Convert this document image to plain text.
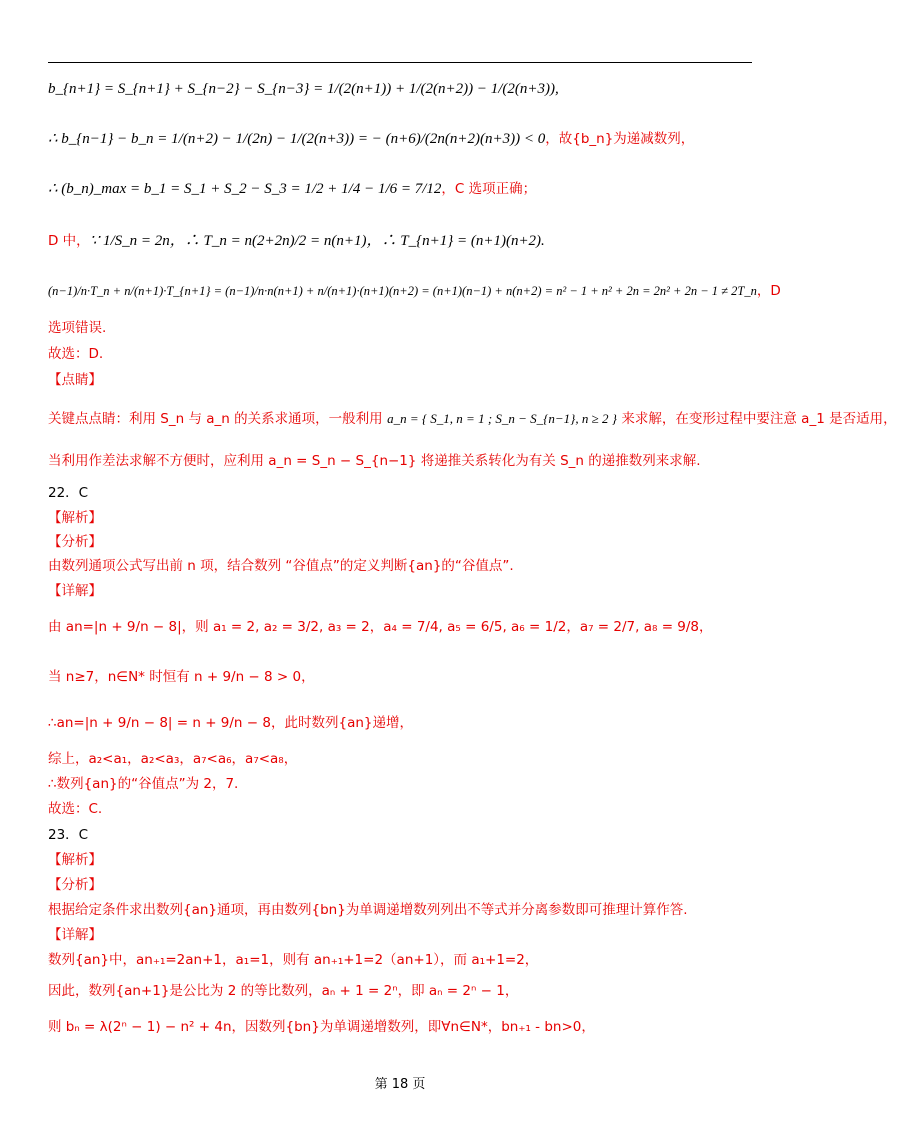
b_{n+1} = S_{n+1} + S_{n−2} − S_{n−3} = 1/(2(n+1)) + 1/(2(n+2)) − 1/(2(n+3)),
∴ b_{n−1} − b_n = 1/(n+2) − 1/(2n) − 1/(2(n+3)) = − (n+6)/(2n(n+2)(n+3)) < 0，故{b_n}为递减数列，
∴ (b_n)_max = b_1 = S_1 + S_2 − S_3 = 1/2 + 1/4 − 1/6 = 7/12，C 选项正确；
D 中，∵ 1/S_n = 2n，∴ T_n = n(2+2n)/2 = n(n+1)，∴ T_{n+1} = (n+1)(n+2).
(n−1)/n·T_n + n/(n+1)·T_{n+1} = (n−1)/n·n(n+1) + n/(n+1)·(n+1)(n+2) = (n+1)(n−1) + n(n+2) = n² − 1 + n² + 2n = 2n² + 2n − 1 ≠ 2T_n，D
选项错误.
故选：D.
【点睛】
关键点点睛：利用 S_n 与 a_n 的关系求通项，一般利用 a_n = { S_1, n = 1 ; S_n − S_{n−1}, n ≥ 2 } 来求解，在变形过程中要注意 a_1 是否适用，
当利用作差法求解不方便时，应利用 a_n = S_n − S_{n−1} 将递推关系转化为有关 S_n 的递推数列来求解.
22．C
【解析】
【分析】
由数列通项公式写出前 n 项，结合数列 “谷值点”的定义判断{an}的“谷值点”.
【详解】
由 an=|n + 9/n − 8|，则 a₁ = 2, a₂ = 3/2, a₃ = 2，a₄ = 7/4, a₅ = 6/5, a₆ = 1/2，a₇ = 2/7, a₈ = 9/8，
当 n≥7，n∈N* 时恒有 n + 9/n − 8 > 0，
∴an=|n + 9/n − 8| = n + 9/n − 8，此时数列{an}递增，
综上，a₂<a₁，a₂<a₃，a₇<a₆，a₇<a₈，
∴数列{an}的“谷值点”为 2，7.
故选：C.
23．C
【解析】
【分析】
根据给定条件求出数列{an}通项，再由数列{bn}为单调递增数列列出不等式并分离参数即可推理计算作答.
【详解】
数列{an}中，an₊₁=2an+1，a₁=1，则有 an₊₁+1=2（an+1），而 a₁+1=2，
因此，数列{an+1}是公比为 2 的等比数列，aₙ + 1 = 2ⁿ，即 aₙ = 2ⁿ − 1，
则 bₙ = λ(2ⁿ − 1) − n² + 4n，因数列{bn}为单调递增数列，即∀n∈N*，bn₊₁ - bn>0，
第 18 页
